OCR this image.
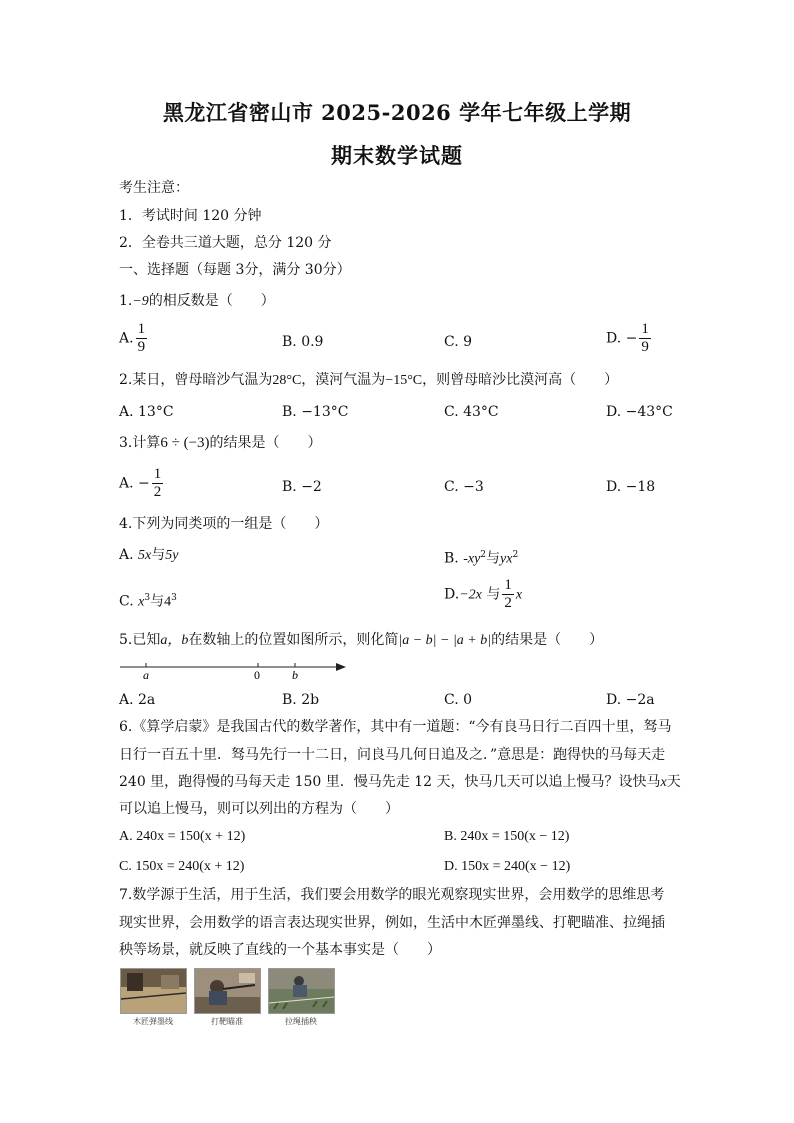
黑龙江省密山市 2025-2026 学年七年级上学期
期末数学试题
考生注意：
1．考试时间 120 分钟
2．全卷共三道大题，总分 120 分
一、选择题（每题 3分，满分 30分）
1.−9的相反数是（　　）
A. $\frac{1}{9}$	B. 0.9	C. 9	D. − $\frac{1}{9}$
2.某日，曾母暗沙气温为28°C，漠河气温为−15°C，则曾母暗沙比漠河高（　　）
A. 13°C	B. −13°C	C. 43°C	D. −43°C
3.计算6 ÷ (−3)的结果是（　　）
A. − $\frac{1}{2}$	B. −2	C. −3	D. −18
4.下列为同类项的一组是（　　）
A. 5x与5y	B. $-xy^2$与$yx^2$
C. $x^3$与$4^3$	D.−2x 与 $\frac{1}{2}$ x
5.已知a，b在数轴上的位置如图所示，则化简|a − b| − |a + b|的结果是（　　）
a	0	b
A. 2a	B. 2b	C. 0	D. −2a
6.《算学启蒙》是我国古代的数学著作，其中有一道题：“今有良马日行二百四十里，驽马
日行一百五十里．驽马先行一十二日，问良马几何日追及之．”意思是：跑得快的马每天走
240 里，跑得慢的马每天走 150 里．慢马先走 12 天，快马几天可以追上慢马？设快马x天
可以追上慢马，则可以列出的方程为（　　）
A. 240x = 150(x + 12)	B. 240x = 150(x − 12)
C. 150x = 240(x + 12)	D. 150x = 240(x − 12)
7.数学源于生活，用于生活，我们要会用数学的眼光观察现实世界，会用数学的思维思考
现实世界，会用数学的语言表达现实世界，例如，生活中木匠弹墨线、打靶瞄准、拉绳插
秧等场景，就反映了直线的一个基本事实是（　　）
木匠弹墨线	打靶瞄准	拉绳插秧
